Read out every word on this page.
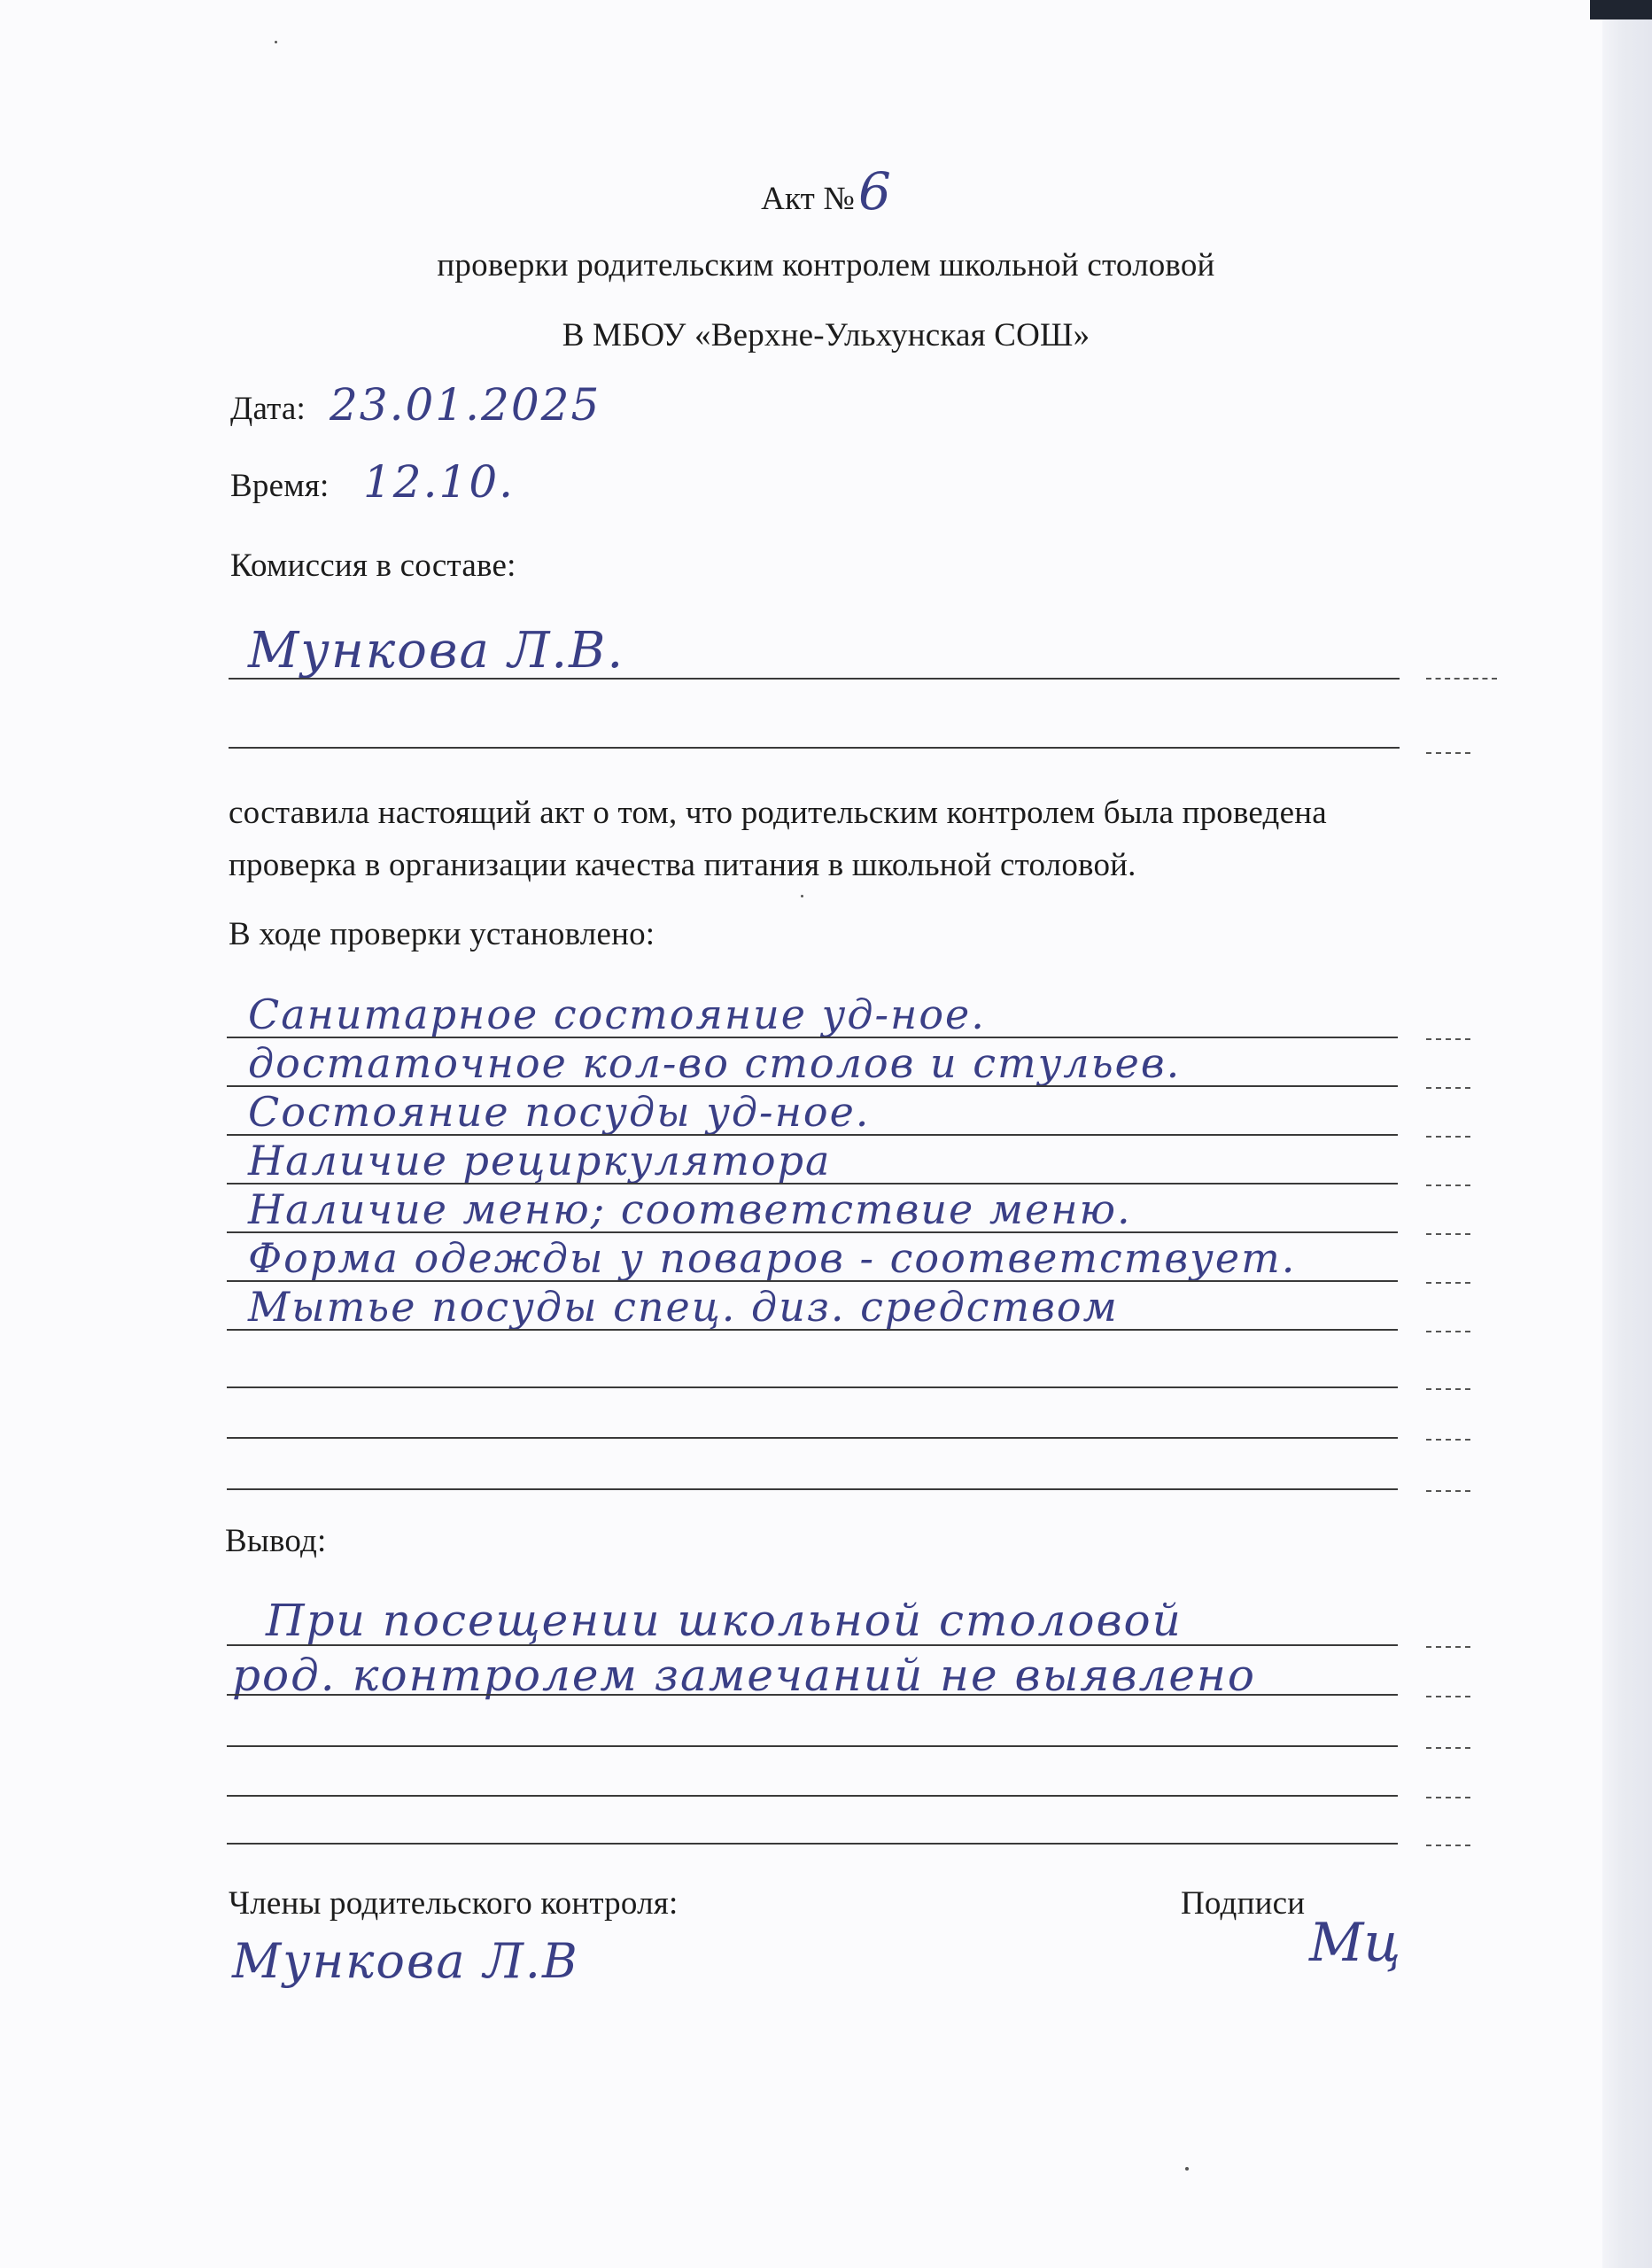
Акт №6
проверки родительским контролем школьной столовой
В МБОУ «Верхне-Ульхунская СОШ»
Дата: 23.01.2025
Время: 12.10.
Комиссия в составе:
Мункова Л.В.
составила настоящий акт о том, что родительским контролем была проведена
проверка в организации качества питания в школьной столовой.
В ходе проверки установлено:
Санитарное состояние уд-ное.
достаточное кол-во столов и стульев.
Состояние посуды уд-ное.
Наличие рециркулятора
Наличие меню; соответствие меню.
Форма одежды у поваров - соответствует.
Мытье посуды спец. диз. средством
Вывод:
При посещении школьной столовой
род. контролем замечаний не выявлено
Члены родительского контроля:
Мункова Л.В
Подписи
Мц
